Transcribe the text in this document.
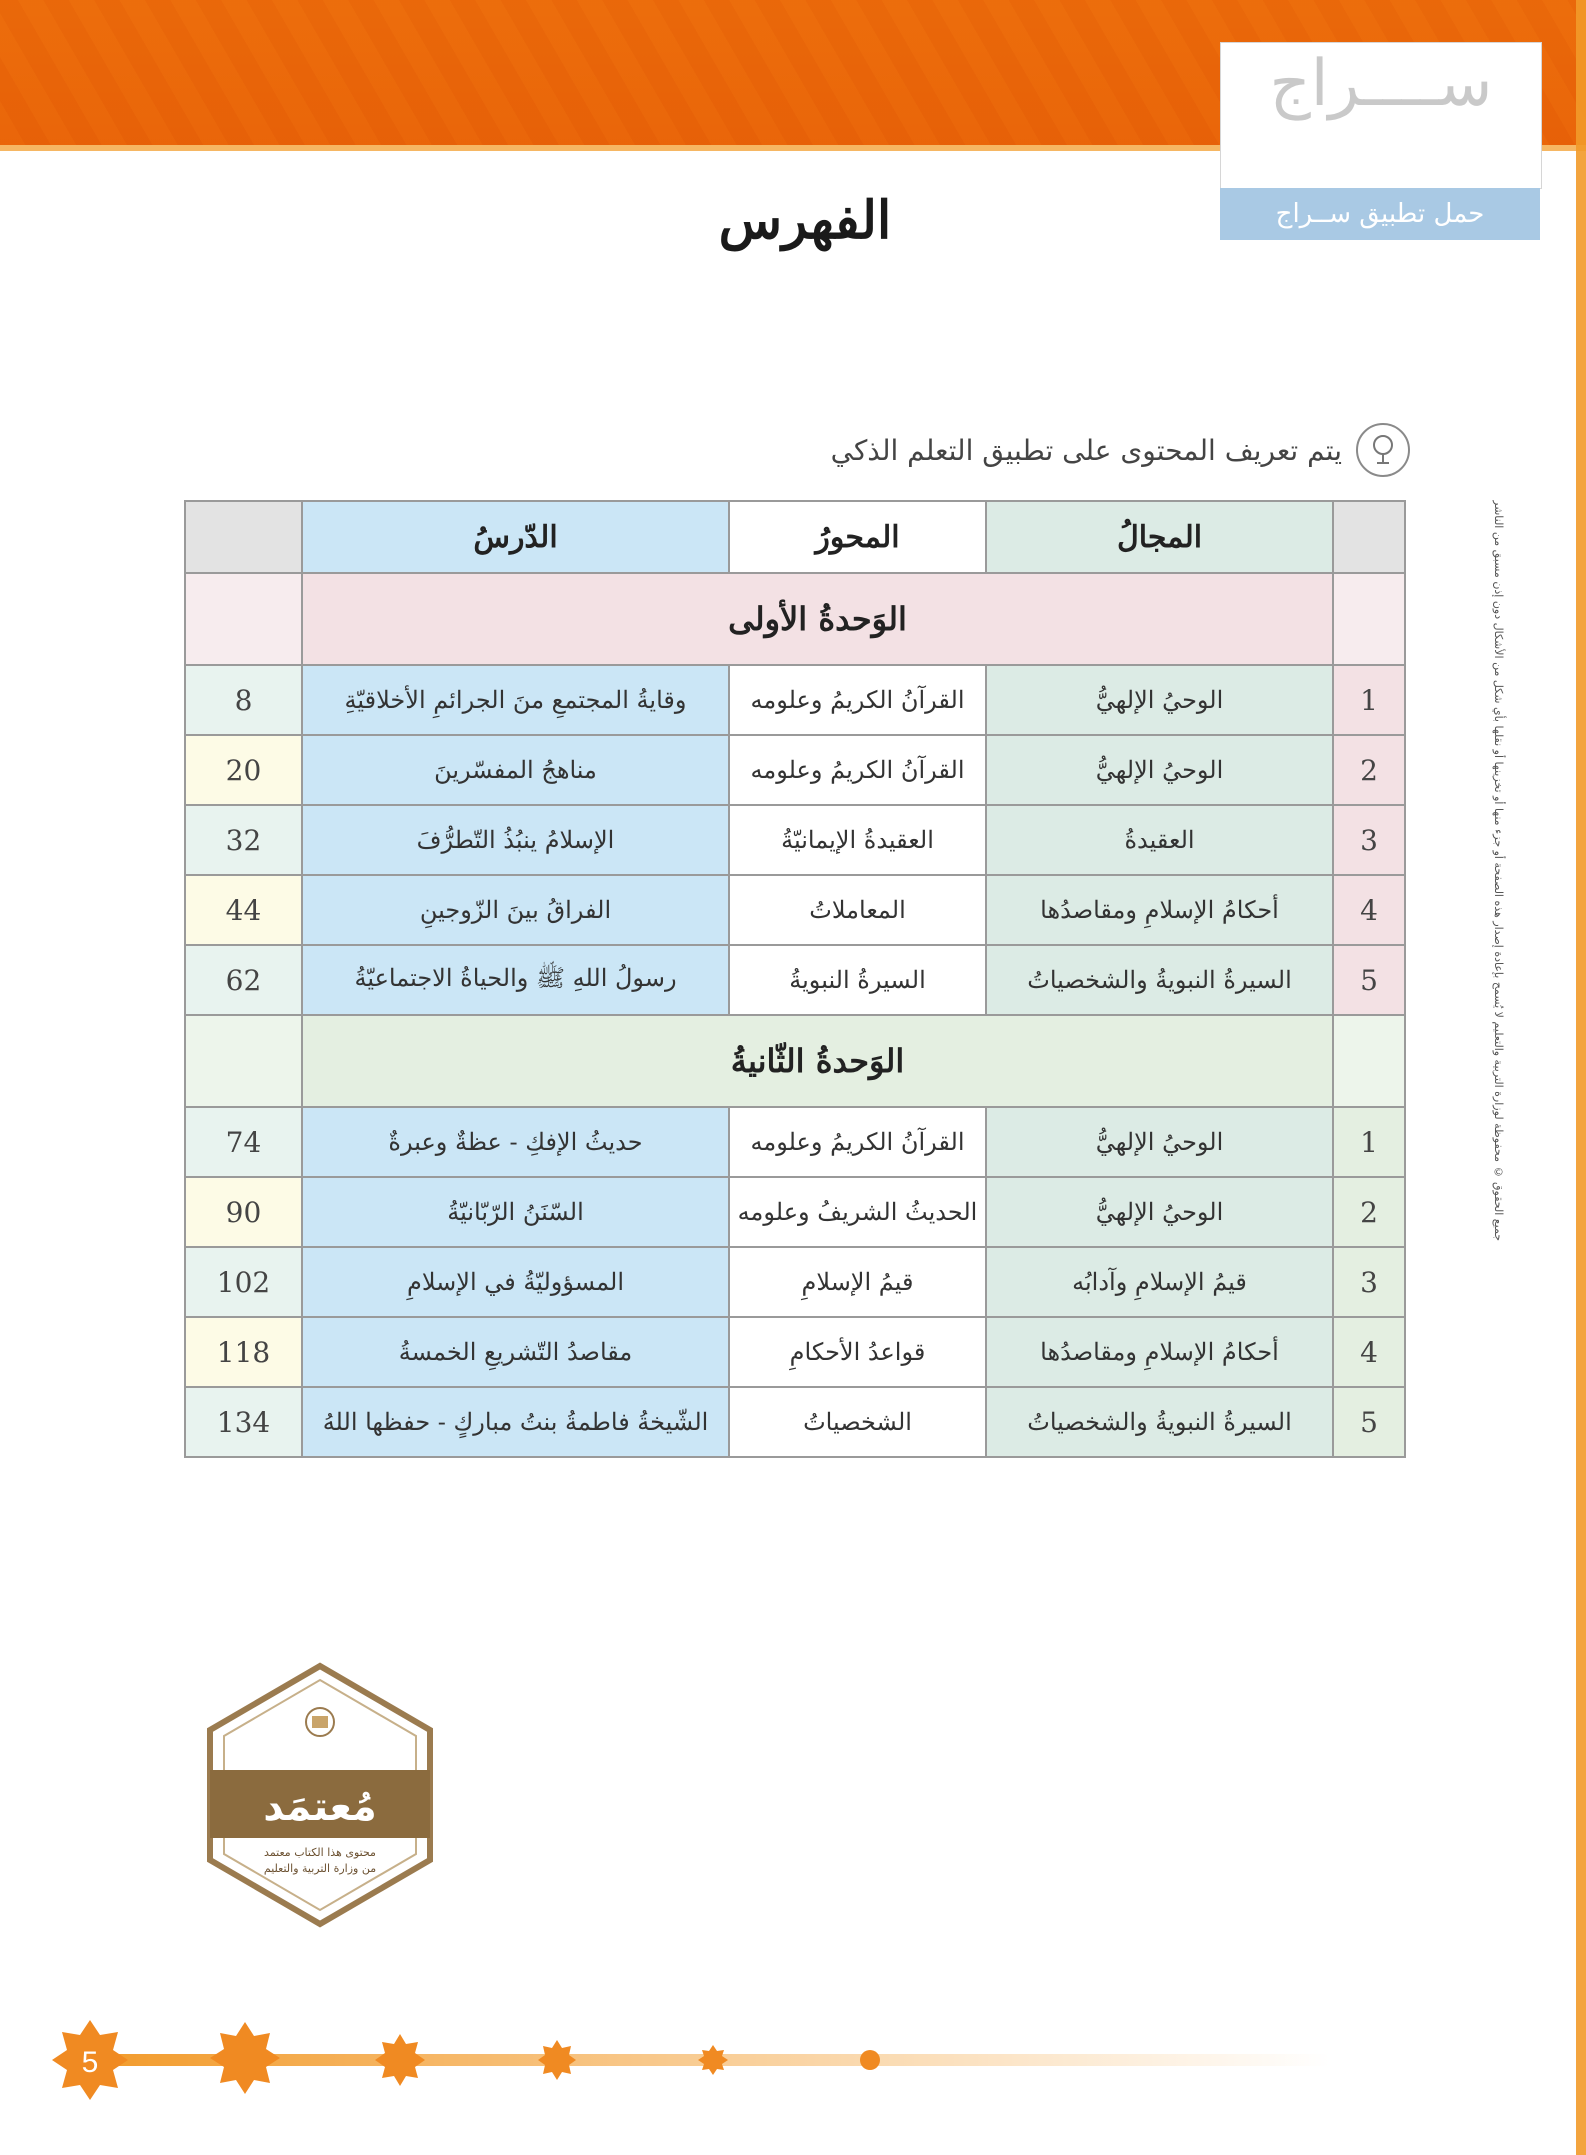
ســــراج
حمل تطبيق ســراج
الفهرس
يتم تعريف المحتوى على تطبيق التعلم الذكي
	المجالُ	المحورُ	الدّرسُ	
	الوَحدةُ الأولى			
1	الوحيُ الإلهيُّ	القرآنُ الكريمُ وعلومه	وقايةُ المجتمعِ منَ الجرائمِ الأخلاقيّةِ	8
2	الوحيُ الإلهيُّ	القرآنُ الكريمُ وعلومه	مناهجُ المفسّرينَ	20
3	العقيدةُ	العقيدةُ الإيمانيّةُ	الإسلامُ ينبُذُ التّطرُّفَ	32
4	أحكامُ الإسلامِ ومقاصدُها	المعاملاتُ	الفراقُ بينَ الزّوجينِ	44
5	السيرةُ النبويةُ والشخصياتُ	السيرةُ النبويةُ	رسولُ اللهِ ﷺ والحياةُ الاجتماعيّةُ	62
	الوَحدةُ الثّانيةُ			
1	الوحيُ الإلهيُّ	القرآنُ الكريمُ وعلومه	حديثُ الإفكِ - عظةٌ وعبرةٌ	74
2	الوحيُ الإلهيُّ	الحديثُ الشريفُ وعلومه	السّنَنُ الرّبّانيّةُ	90
3	قيمُ الإسلامِ وآدابُه	قيمُ الإسلامِ	المسؤوليّةُ في الإسلامِ	102
4	أحكامُ الإسلامِ ومقاصدُها	قواعدُ الأحكامِ	مقاصدُ التّشريعِ الخمسةُ	118
5	السيرةُ النبويةُ والشخصياتُ	الشخصياتُ	الشّيخةُ فاطمةُ بنتُ مباركٍ - حفظها اللهُ	134
جميع الحقوق © محفوظة لوزارة التربية والتعليم لا يُسمح بإعادة إصدار هذه الصفحة أو جزء منها أو تخزينها أو نقلها بأي شكل من الأشكال دون إذن مسبق من الناشر
مُعتمَد
محتوى هذا الكتاب معتمد
من وزارة التربية والتعليم
5
